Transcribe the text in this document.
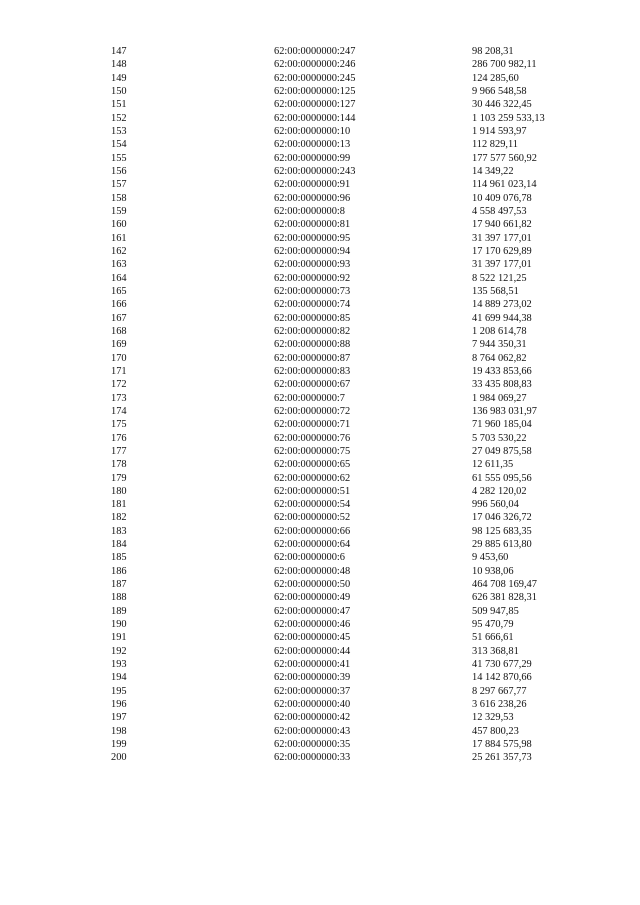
147	62:00:0000000:247	98 208,31
148	62:00:0000000:246	286 700 982,11
149	62:00:0000000:245	124 285,60
150	62:00:0000000:125	9 966 548,58
151	62:00:0000000:127	30 446 322,45
152	62:00:0000000:144	1 103 259 533,13
153	62:00:0000000:10	1 914 593,97
154	62:00:0000000:13	112 829,11
155	62:00:0000000:99	177 577 560,92
156	62:00:0000000:243	14 349,22
157	62:00:0000000:91	114 961 023,14
158	62:00:0000000:96	10 409 076,78
159	62:00:0000000:8	4 558 497,53
160	62:00:0000000:81	17 940 661,82
161	62:00:0000000:95	31 397 177,01
162	62:00:0000000:94	17 170 629,89
163	62:00:0000000:93	31 397 177,01
164	62:00:0000000:92	8 522 121,25
165	62:00:0000000:73	135 568,51
166	62:00:0000000:74	14 889 273,02
167	62:00:0000000:85	41 699 944,38
168	62:00:0000000:82	1 208 614,78
169	62:00:0000000:88	7 944 350,31
170	62:00:0000000:87	8 764 062,82
171	62:00:0000000:83	19 433 853,66
172	62:00:0000000:67	33 435 808,83
173	62:00:0000000:7	1 984 069,27
174	62:00:0000000:72	136 983 031,97
175	62:00:0000000:71	71 960 185,04
176	62:00:0000000:76	5 703 530,22
177	62:00:0000000:75	27 049 875,58
178	62:00:0000000:65	12 611,35
179	62:00:0000000:62	61 555 095,56
180	62:00:0000000:51	4 282 120,02
181	62:00:0000000:54	996 560,04
182	62:00:0000000:52	17 046 326,72
183	62:00:0000000:66	98 125 683,35
184	62:00:0000000:64	29 885 613,80
185	62:00:0000000:6	9 453,60
186	62:00:0000000:48	10 938,06
187	62:00:0000000:50	464 708 169,47
188	62:00:0000000:49	626 381 828,31
189	62:00:0000000:47	509 947,85
190	62:00:0000000:46	95 470,79
191	62:00:0000000:45	51 666,61
192	62:00:0000000:44	313 368,81
193	62:00:0000000:41	41 730 677,29
194	62:00:0000000:39	14 142 870,66
195	62:00:0000000:37	8 297 667,77
196	62:00:0000000:40	3 616 238,26
197	62:00:0000000:42	12 329,53
198	62:00:0000000:43	457 800,23
199	62:00:0000000:35	17 884 575,98
200	62:00:0000000:33	25 261 357,73
